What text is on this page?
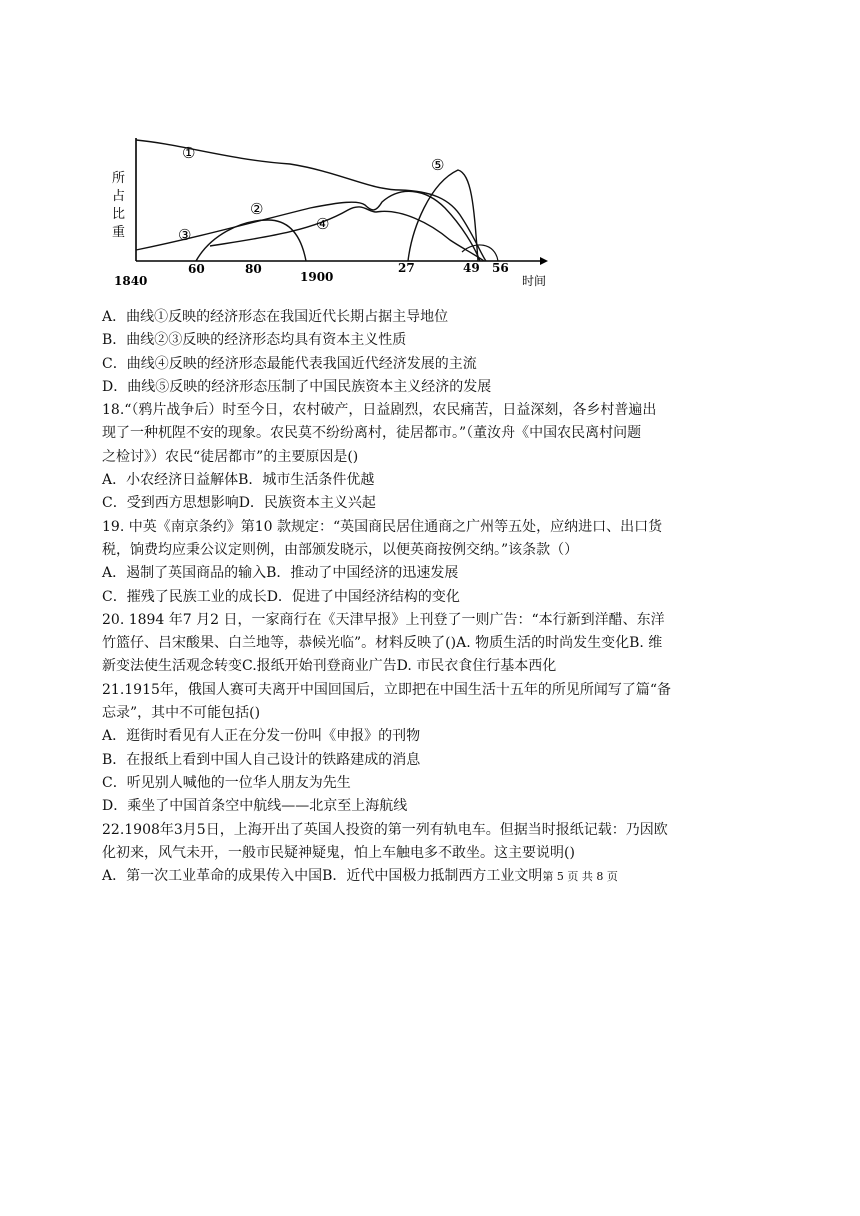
所
占
比
重
1840
60	80
1900
27	49 56
时间
①
②
③
④
⑤
A．曲线①反映的经济形态在我国近代长期占据主导地位
B．曲线②③反映的经济形态均具有资本主义性质
C．曲线④反映的经济形态最能代表我国近代经济发展的主流
D．曲线⑤反映的经济形态压制了中国民族资本主义经济的发展
18.“（鸦片战争后）时至今日，农村破产，日益剧烈，农民痛苦，日益深刻，各乡村普遍出
现了一种杌陧不安的现象。农民莫不纷纷离村，徒居都市。”（董汝舟《中国农民离村问题
之检讨》）农民“徒居都市”的主要原因是()
A．小农经济日益解体B．城市生活条件优越
C．受到西方思想影响D．民族资本主义兴起
19. 中英《南京条约》第10 款规定：“英国商民居住通商之广州等五处，应纳进口、出口货
税，饷费均应秉公议定则例，由部颁发晓示，以便英商按例交纳。”该条款（）
A．遏制了英国商品的输入B．推动了中国经济的迅速发展
C．摧残了民族工业的成长D．促进了中国经济结构的变化
20. 1894 年7 月2 日，一家商行在《天津早报》上刊登了一则广告：“本行新到洋醋、东洋
竹篮仔、吕宋酸果、白兰地等，恭候光临”。材料反映了()A. 物质生活的时尚发生变化B. 维
新变法使生活观念转变C.报纸开始刊登商业广告D. 市民衣食住行基本西化
21.1915年，俄国人赛可夫离开中国回国后，立即把在中国生活十五年的所见所闻写了篇“备
忘录”，其中不可能包括()
A．逛街时看见有人正在分发一份叫《申报》的刊物
B．在报纸上看到中国人自己设计的铁路建成的消息
C．听见别人喊他的一位华人朋友为先生
D．乘坐了中国首条空中航线——北京至上海航线
22.1908年3月5日，上海开出了英国人投资的第一列有轨电车。但据当时报纸记载：乃因欧
化初来，风气未开，一般市民疑神疑鬼，怕上车触电多不敢坐。这主要说明()
A．第一次工业革命的成果传入中国B．近代中国极力抵制西方工业文明第 5 页 共 8 页
